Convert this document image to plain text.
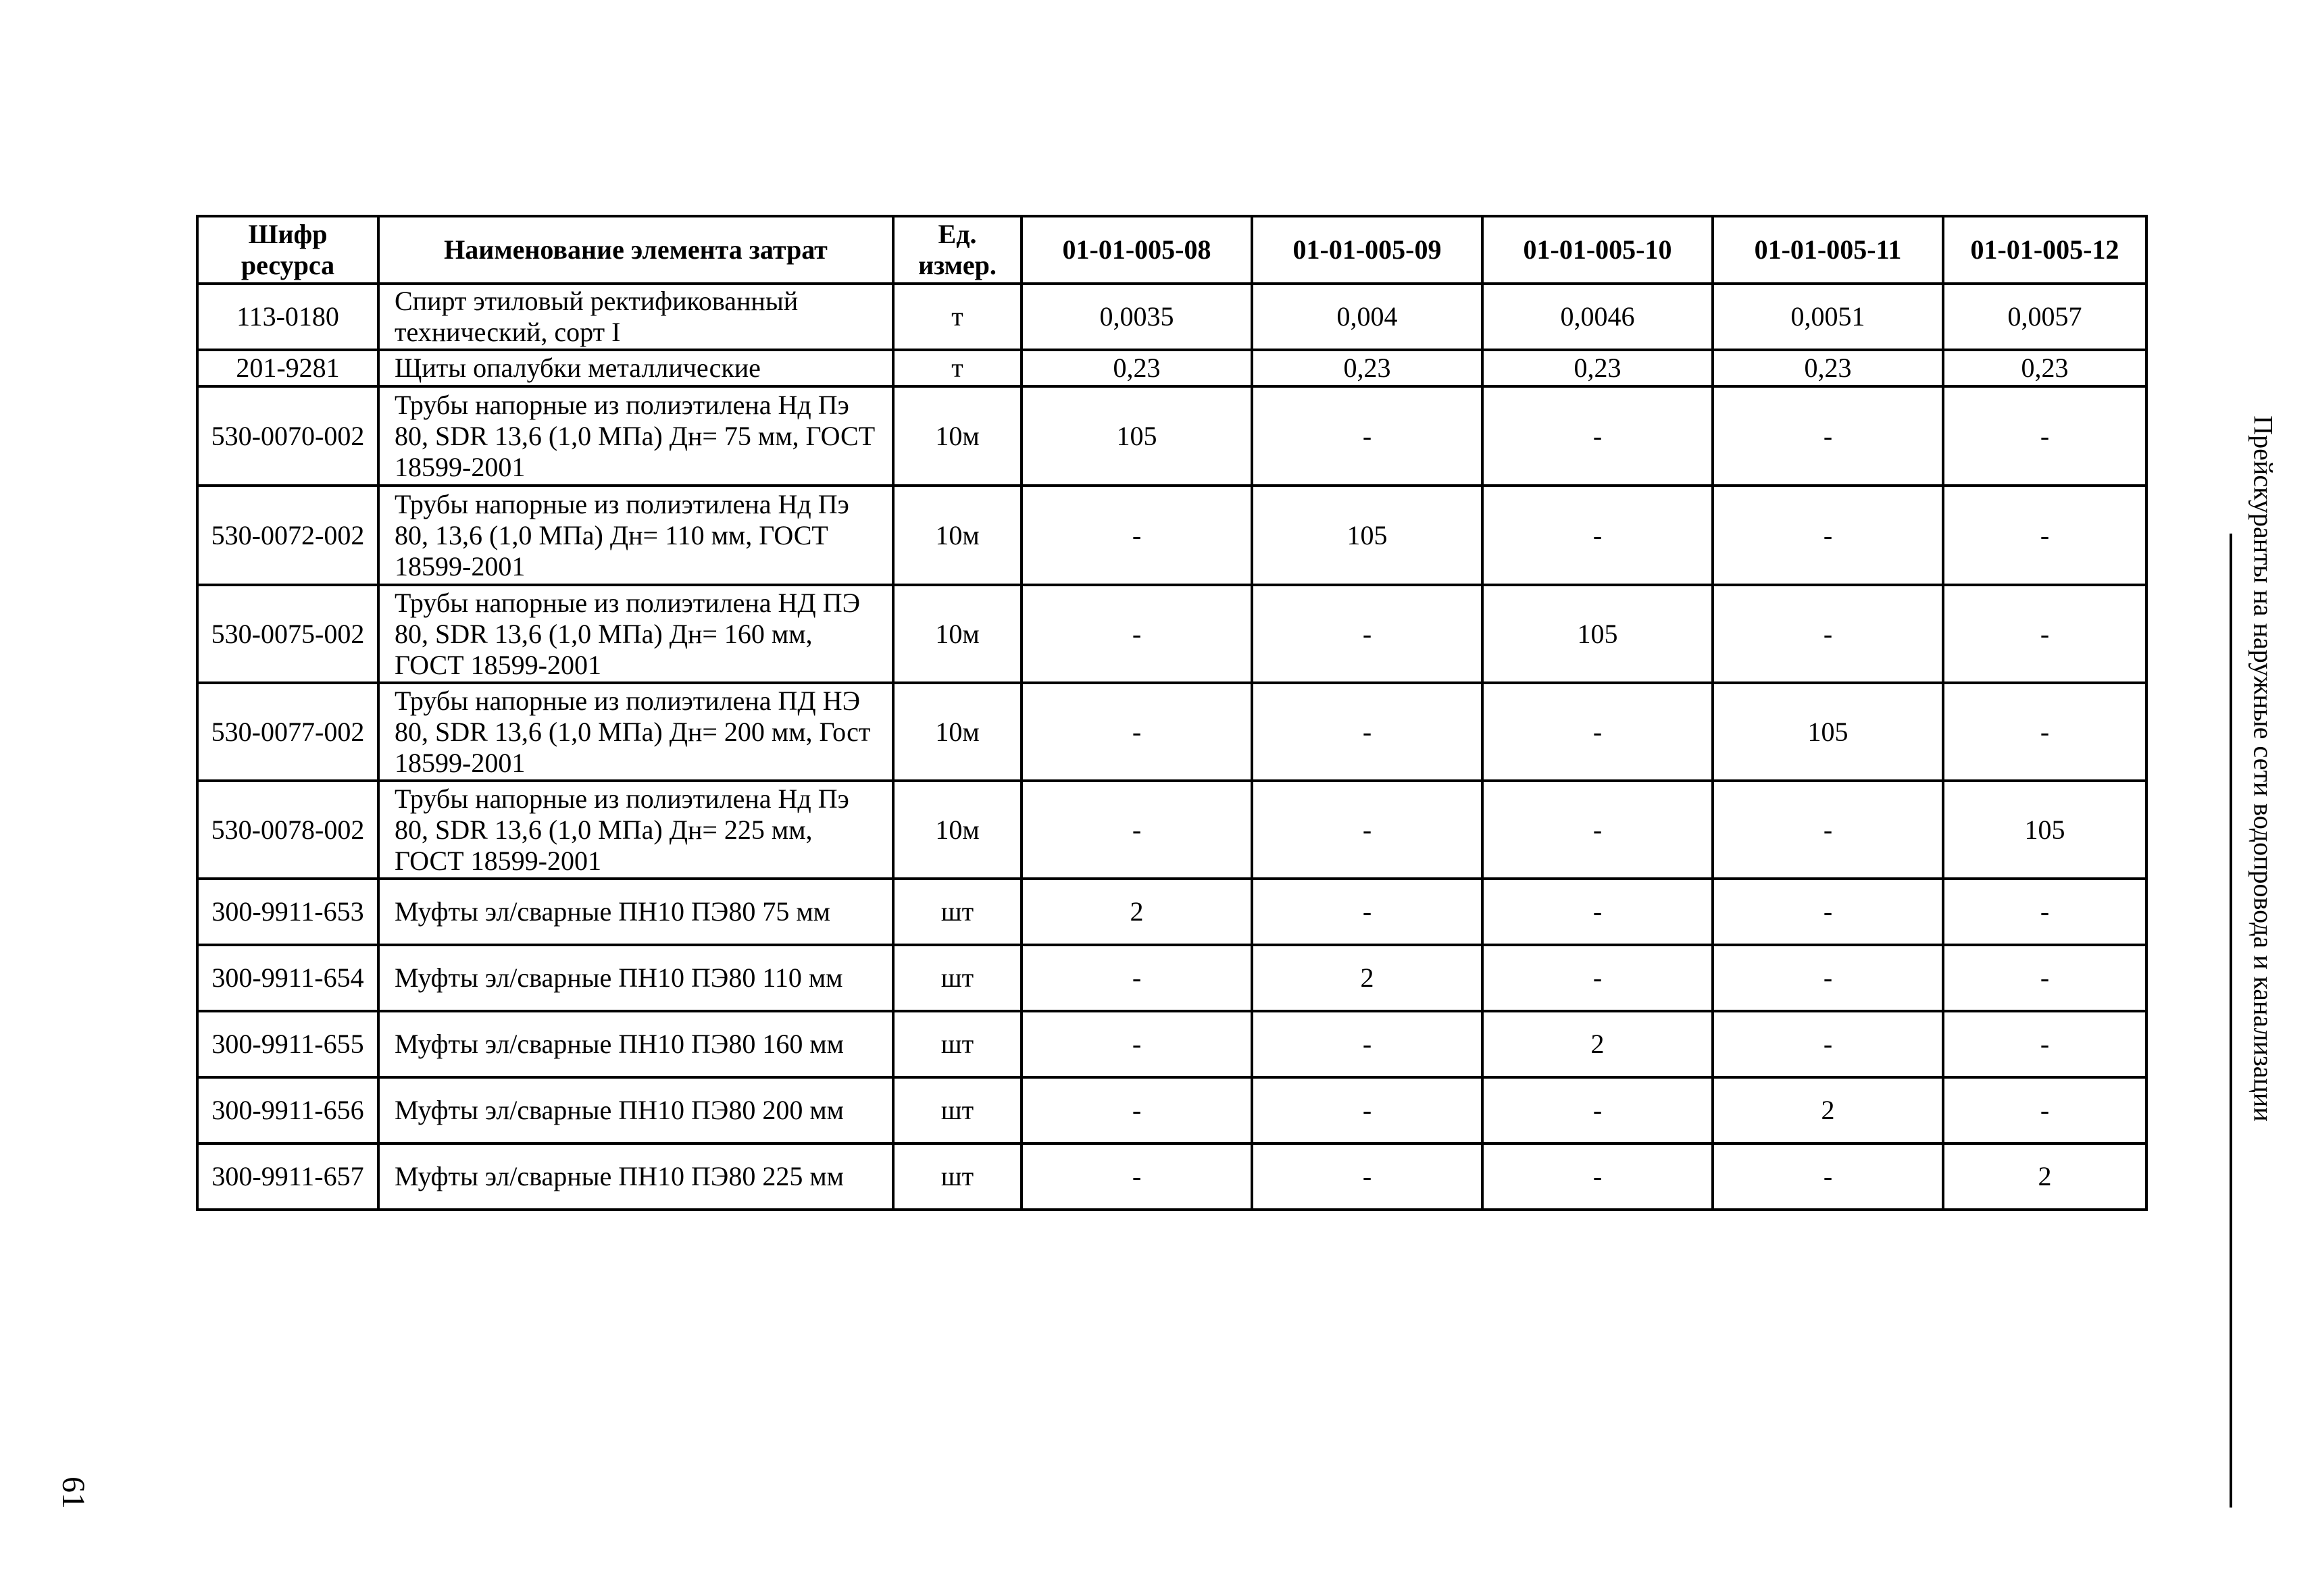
Шифр ресурса	Наименование элемента затрат	Ед. измер.	01-01-005-08	01-01-005-09	01-01-005-10	01-01-005-11	01-01-005-12
113-0180	Спирт этиловый ректификованный технический, сорт I	т	0,0035	0,004	0,0046	0,0051	0,0057
201-9281	Щиты опалубки металлические	т	0,23	0,23	0,23	0,23	0,23
530-0070-002	Трубы напорные из полиэтилена Нд Пэ 80, SDR 13,6 (1,0 МПа) Дн= 75 мм, ГОСТ 18599-2001	10м	105	-	-	-	-
530-0072-002	Трубы напорные из полиэтилена Нд Пэ 80, 13,6 (1,0 МПа) Дн= 110 мм, ГОСТ 18599-2001	10м	-	105	-	-	-
530-0075-002	Трубы напорные из полиэтилена НД ПЭ 80, SDR 13,6 (1,0 МПа) Дн= 160 мм, ГОСТ 18599-2001	10м	-	-	105	-	-
530-0077-002	Трубы напорные из полиэтилена ПД НЭ 80, SDR 13,6 (1,0 МПа) Дн= 200 мм, Гост 18599-2001	10м	-	-	-	105	-
530-0078-002	Трубы напорные из полиэтилена Нд Пэ 80, SDR 13,6 (1,0 МПа) Дн= 225 мм, ГОСТ 18599-2001	10м	-	-	-	-	105
300-9911-653	Муфты эл/сварные ПН10 ПЭ80 75 мм	шт	2	-	-	-	-
300-9911-654	Муфты эл/сварные ПН10 ПЭ80 110 мм	шт	-	2	-	-	-
300-9911-655	Муфты эл/сварные ПН10 ПЭ80 160 мм	шт	-	-	2	-	-
300-9911-656	Муфты эл/сварные ПН10 ПЭ80 200 мм	шт	-	-	-	2	-
300-9911-657	Муфты эл/сварные ПН10 ПЭ80 225 мм	шт	-	-	-	-	2
Прейскуранты на наружные сети водопровода и канализации
61
